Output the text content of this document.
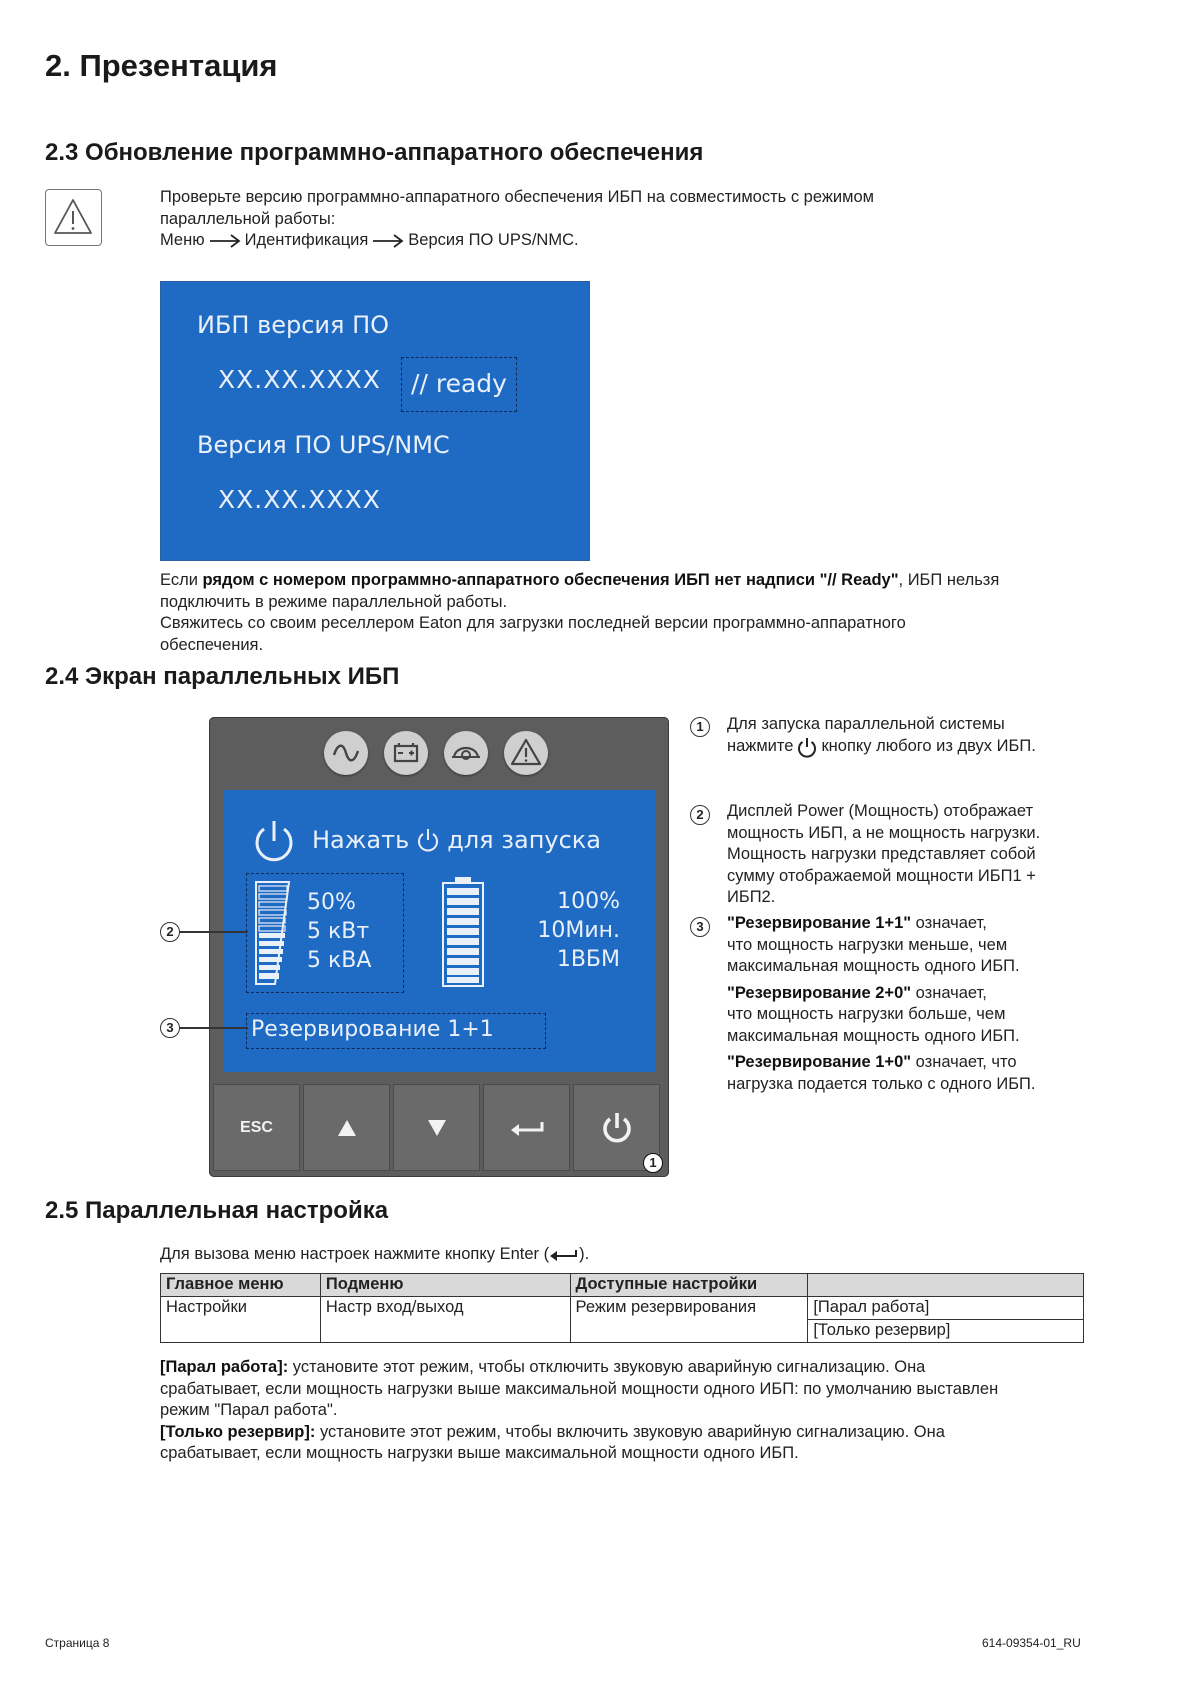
2. Презентация
2.3 Обновление программно-аппаратного обеспечения
Проверьте версию программно-аппаратного обеспечения ИБП на совместимость с режимом
параллельной работы:
Меню Идентификация Версия ПО UPS/NMC.
ИБП версия ПО
XX.XX.XXXX	// ready
Версия ПО UPS/NMC
XX.XX.XXXX
Если рядом с номером программно-аппаратного обеспечения ИБП нет надписи "// Ready", ИБП нельзя
подключить в режиме параллельной работы.
Свяжитесь со своим реселлером Eaton для загрузки последней версии программно-аппаратного
обеспечения.
2.4 Экран параллельных ИБП
Нажать для запуска
50%
5 кВт
5 кВА
100%
10Мин.
1ВБМ
Резервирование 1+1
ESC
1
2
3
1	Для запуска параллельной системы
нажмите кнопку любого из двух ИБП.
2	Дисплей Power (Мощность) отображает
мощность ИБП, а не мощность нагрузки.
Мощность нагрузки представляет собой
сумму отображаемой мощности ИБП1 +
ИБП2.
3	"Резервирование 1+1" означает,
что мощность нагрузки меньше, чем
максимальная мощность одного ИБП.
"Резервирование 2+0" означает,
что мощность нагрузки больше, чем
максимальная мощность одного ИБП.
"Резервирование 1+0" означает, что
нагрузка подается только с одного ИБП.
2.5 Параллельная настройка
Для вызова меню настроек нажмите кнопку Enter ( ).
Главное меню	Подменю	Доступные настройки	
Настройки	Настр вход/выход	Режим резервирования	[Парал работа]
			[Только резервир]
[Парал работа]: установите этот режим, чтобы отключить звуковую аварийную сигнализацию. Она
срабатывает, если мощность нагрузки выше максимальной мощности одного ИБП: по умолчанию выставлен
режим "Парал работа".
[Только резервир]: установите этот режим, чтобы включить звуковую аварийную сигнализацию. Она
срабатывает, если мощность нагрузки выше максимальной мощности одного ИБП.
Страница 8	614-09354-01_RU
